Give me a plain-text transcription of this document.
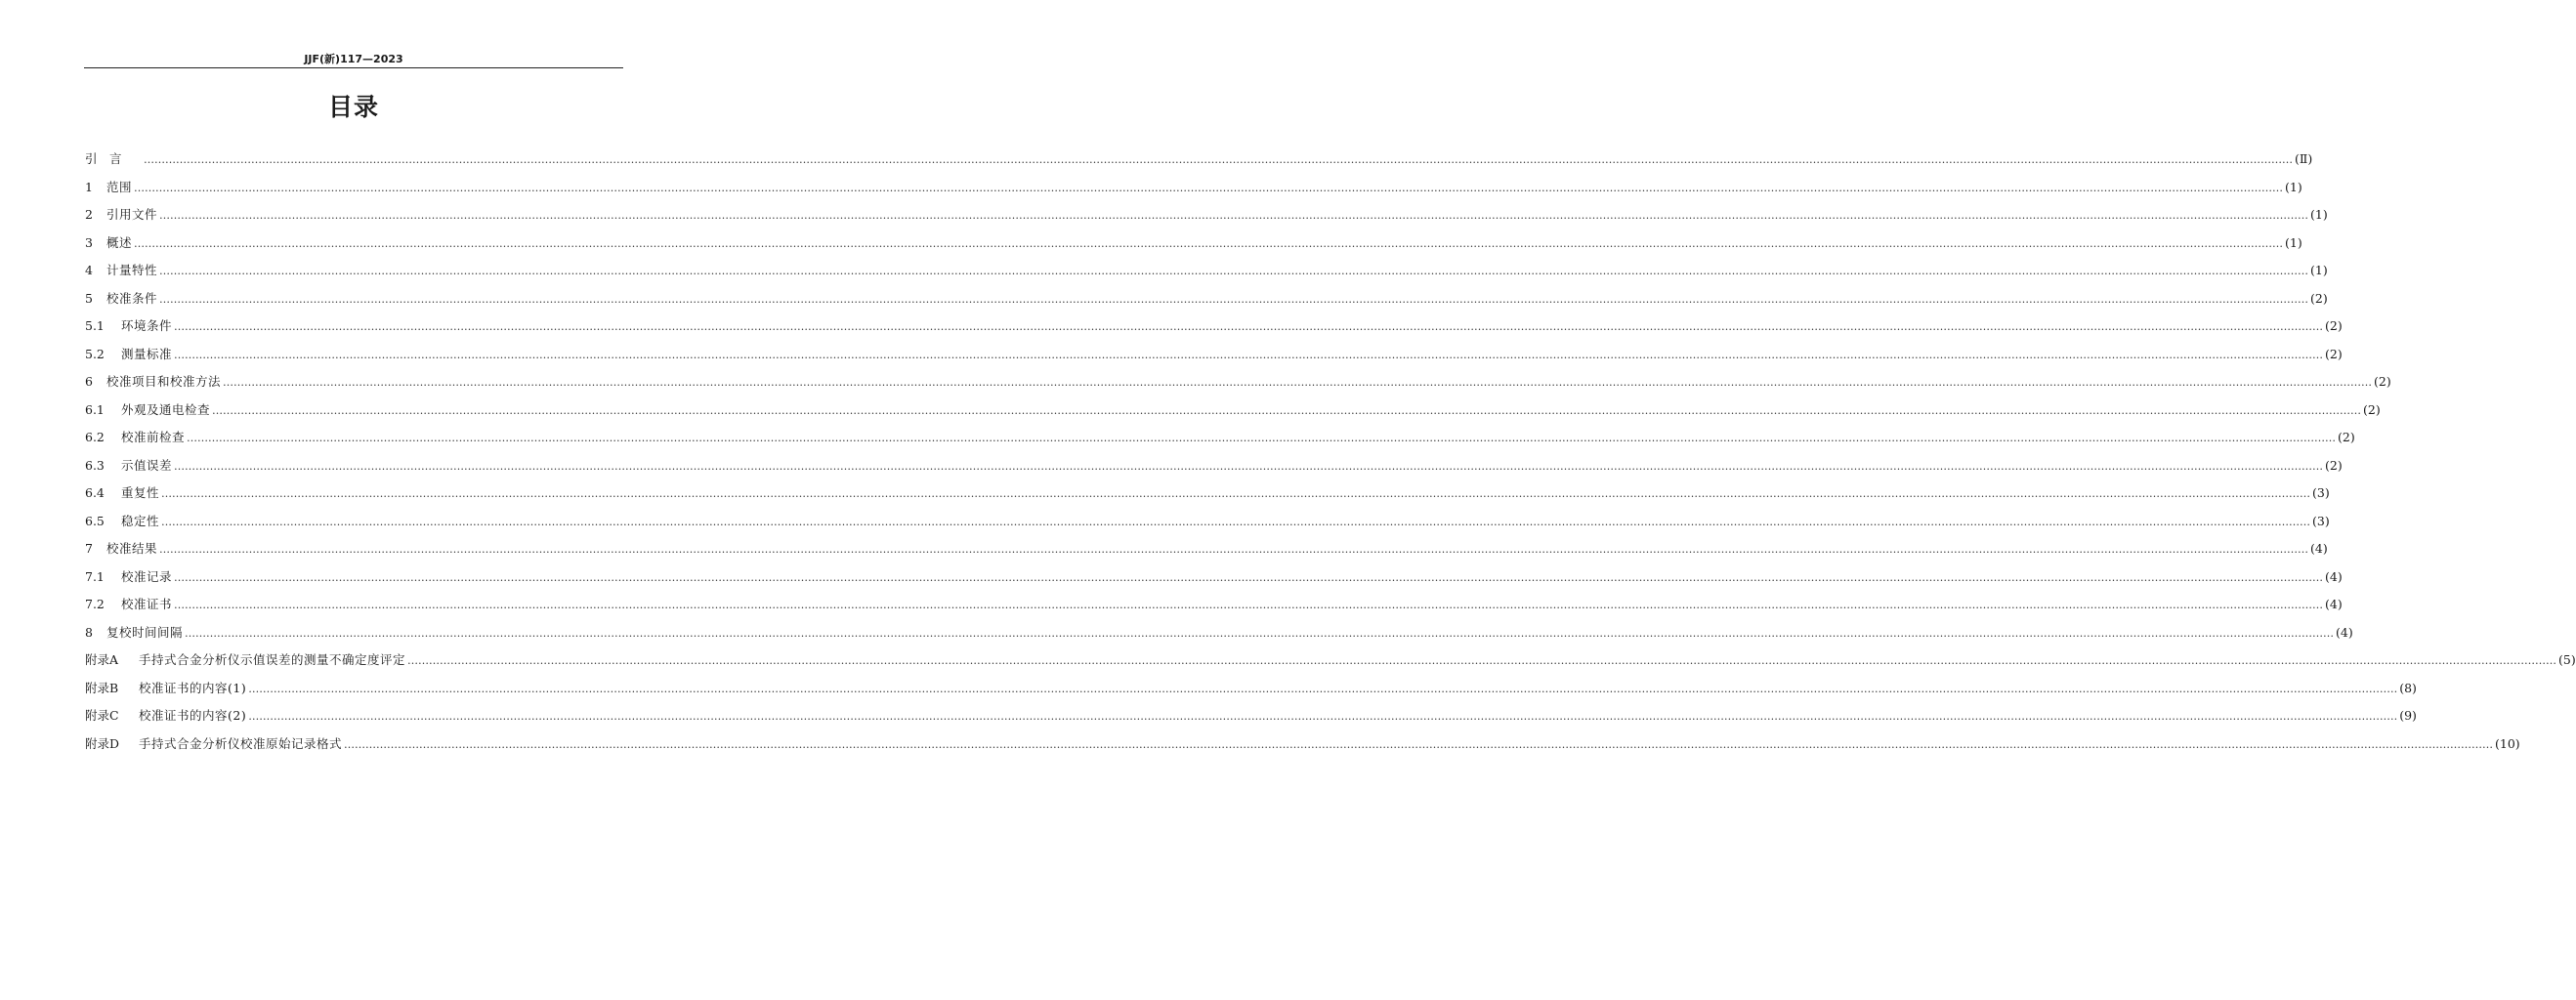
JJF(新)117—2023
目录
引　言	…………………………………………………………………………………………………………………………………………………………………………………………………………………………………………………………………………………………………………………………………………………………………………………………………………………………………………………………………………………………………………………………………………………… (Ⅱ)
1	范围 …………………………………………………………………………………………………………………………………………………………………………………………………………………………………………………………………………………………………………………………………………………………………………………………………………………………………………………………………………………………………………………………………………………… (1)
2	引用文件 …………………………………………………………………………………………………………………………………………………………………………………………………………………………………………………………………………………………………………………………………………………………………………………………………………………………………………………………………………………………………………………………………………………… (1)
3	概述 …………………………………………………………………………………………………………………………………………………………………………………………………………………………………………………………………………………………………………………………………………………………………………………………………………………………………………………………………………………………………………………………………………………… (1)
4	计量特性 …………………………………………………………………………………………………………………………………………………………………………………………………………………………………………………………………………………………………………………………………………………………………………………………………………………………………………………………………………………………………………………………………………………… (1)
5	校准条件 …………………………………………………………………………………………………………………………………………………………………………………………………………………………………………………………………………………………………………………………………………………………………………………………………………………………………………………………………………………………………………………………………………………… (2)
5.1	环境条件 …………………………………………………………………………………………………………………………………………………………………………………………………………………………………………………………………………………………………………………………………………………………………………………………………………………………………………………………………………………………………………………………………………………… (2)
5.2	测量标准 …………………………………………………………………………………………………………………………………………………………………………………………………………………………………………………………………………………………………………………………………………………………………………………………………………………………………………………………………………………………………………………………………………………… (2)
6	校准项目和校准方法 …………………………………………………………………………………………………………………………………………………………………………………………………………………………………………………………………………………………………………………………………………………………………………………………………………………………………………………………………………………………………………………………………………………… (2)
6.1	外观及通电检查 …………………………………………………………………………………………………………………………………………………………………………………………………………………………………………………………………………………………………………………………………………………………………………………………………………………………………………………………………………………………………………………………………………………… (2)
6.2	校准前检查 …………………………………………………………………………………………………………………………………………………………………………………………………………………………………………………………………………………………………………………………………………………………………………………………………………………………………………………………………………………………………………………………………………………… (2)
6.3	示值误差 …………………………………………………………………………………………………………………………………………………………………………………………………………………………………………………………………………………………………………………………………………………………………………………………………………………………………………………………………………………………………………………………………………………… (2)
6.4	重复性 …………………………………………………………………………………………………………………………………………………………………………………………………………………………………………………………………………………………………………………………………………………………………………………………………………………………………………………………………………………………………………………………………………………… (3)
6.5	稳定性 …………………………………………………………………………………………………………………………………………………………………………………………………………………………………………………………………………………………………………………………………………………………………………………………………………………………………………………………………………………………………………………………………………………… (3)
7	校准结果 …………………………………………………………………………………………………………………………………………………………………………………………………………………………………………………………………………………………………………………………………………………………………………………………………………………………………………………………………………………………………………………………………………………… (4)
7.1	校准记录 …………………………………………………………………………………………………………………………………………………………………………………………………………………………………………………………………………………………………………………………………………………………………………………………………………………………………………………………………………………………………………………………………………………… (4)
7.2	校准证书 …………………………………………………………………………………………………………………………………………………………………………………………………………………………………………………………………………………………………………………………………………………………………………………………………………………………………………………………………………………………………………………………………………………… (4)
8	复校时间间隔 …………………………………………………………………………………………………………………………………………………………………………………………………………………………………………………………………………………………………………………………………………………………………………………………………………………………………………………………………………………………………………………………………………………… (4)
附录A	手持式合金分析仪示值误差的测量不确定度评定 …………………………………………………………………………………………………………………………………………………………………………………………………………………………………………………………………………………………………………………………………………………………………………………………………………………………………………………………………………………………………………………………………………………… (5)
附录B	校准证书的内容(1) …………………………………………………………………………………………………………………………………………………………………………………………………………………………………………………………………………………………………………………………………………………………………………………………………………………………………………………………………………………………………………………………………………………… (8)
附录C	校准证书的内容(2) …………………………………………………………………………………………………………………………………………………………………………………………………………………………………………………………………………………………………………………………………………………………………………………………………………………………………………………………………………………………………………………………………………………… (9)
附录D	手持式合金分析仪校准原始记录格式 …………………………………………………………………………………………………………………………………………………………………………………………………………………………………………………………………………………………………………………………………………………………………………………………………………………………………………………………………………………………………………………………………………………… (10)
